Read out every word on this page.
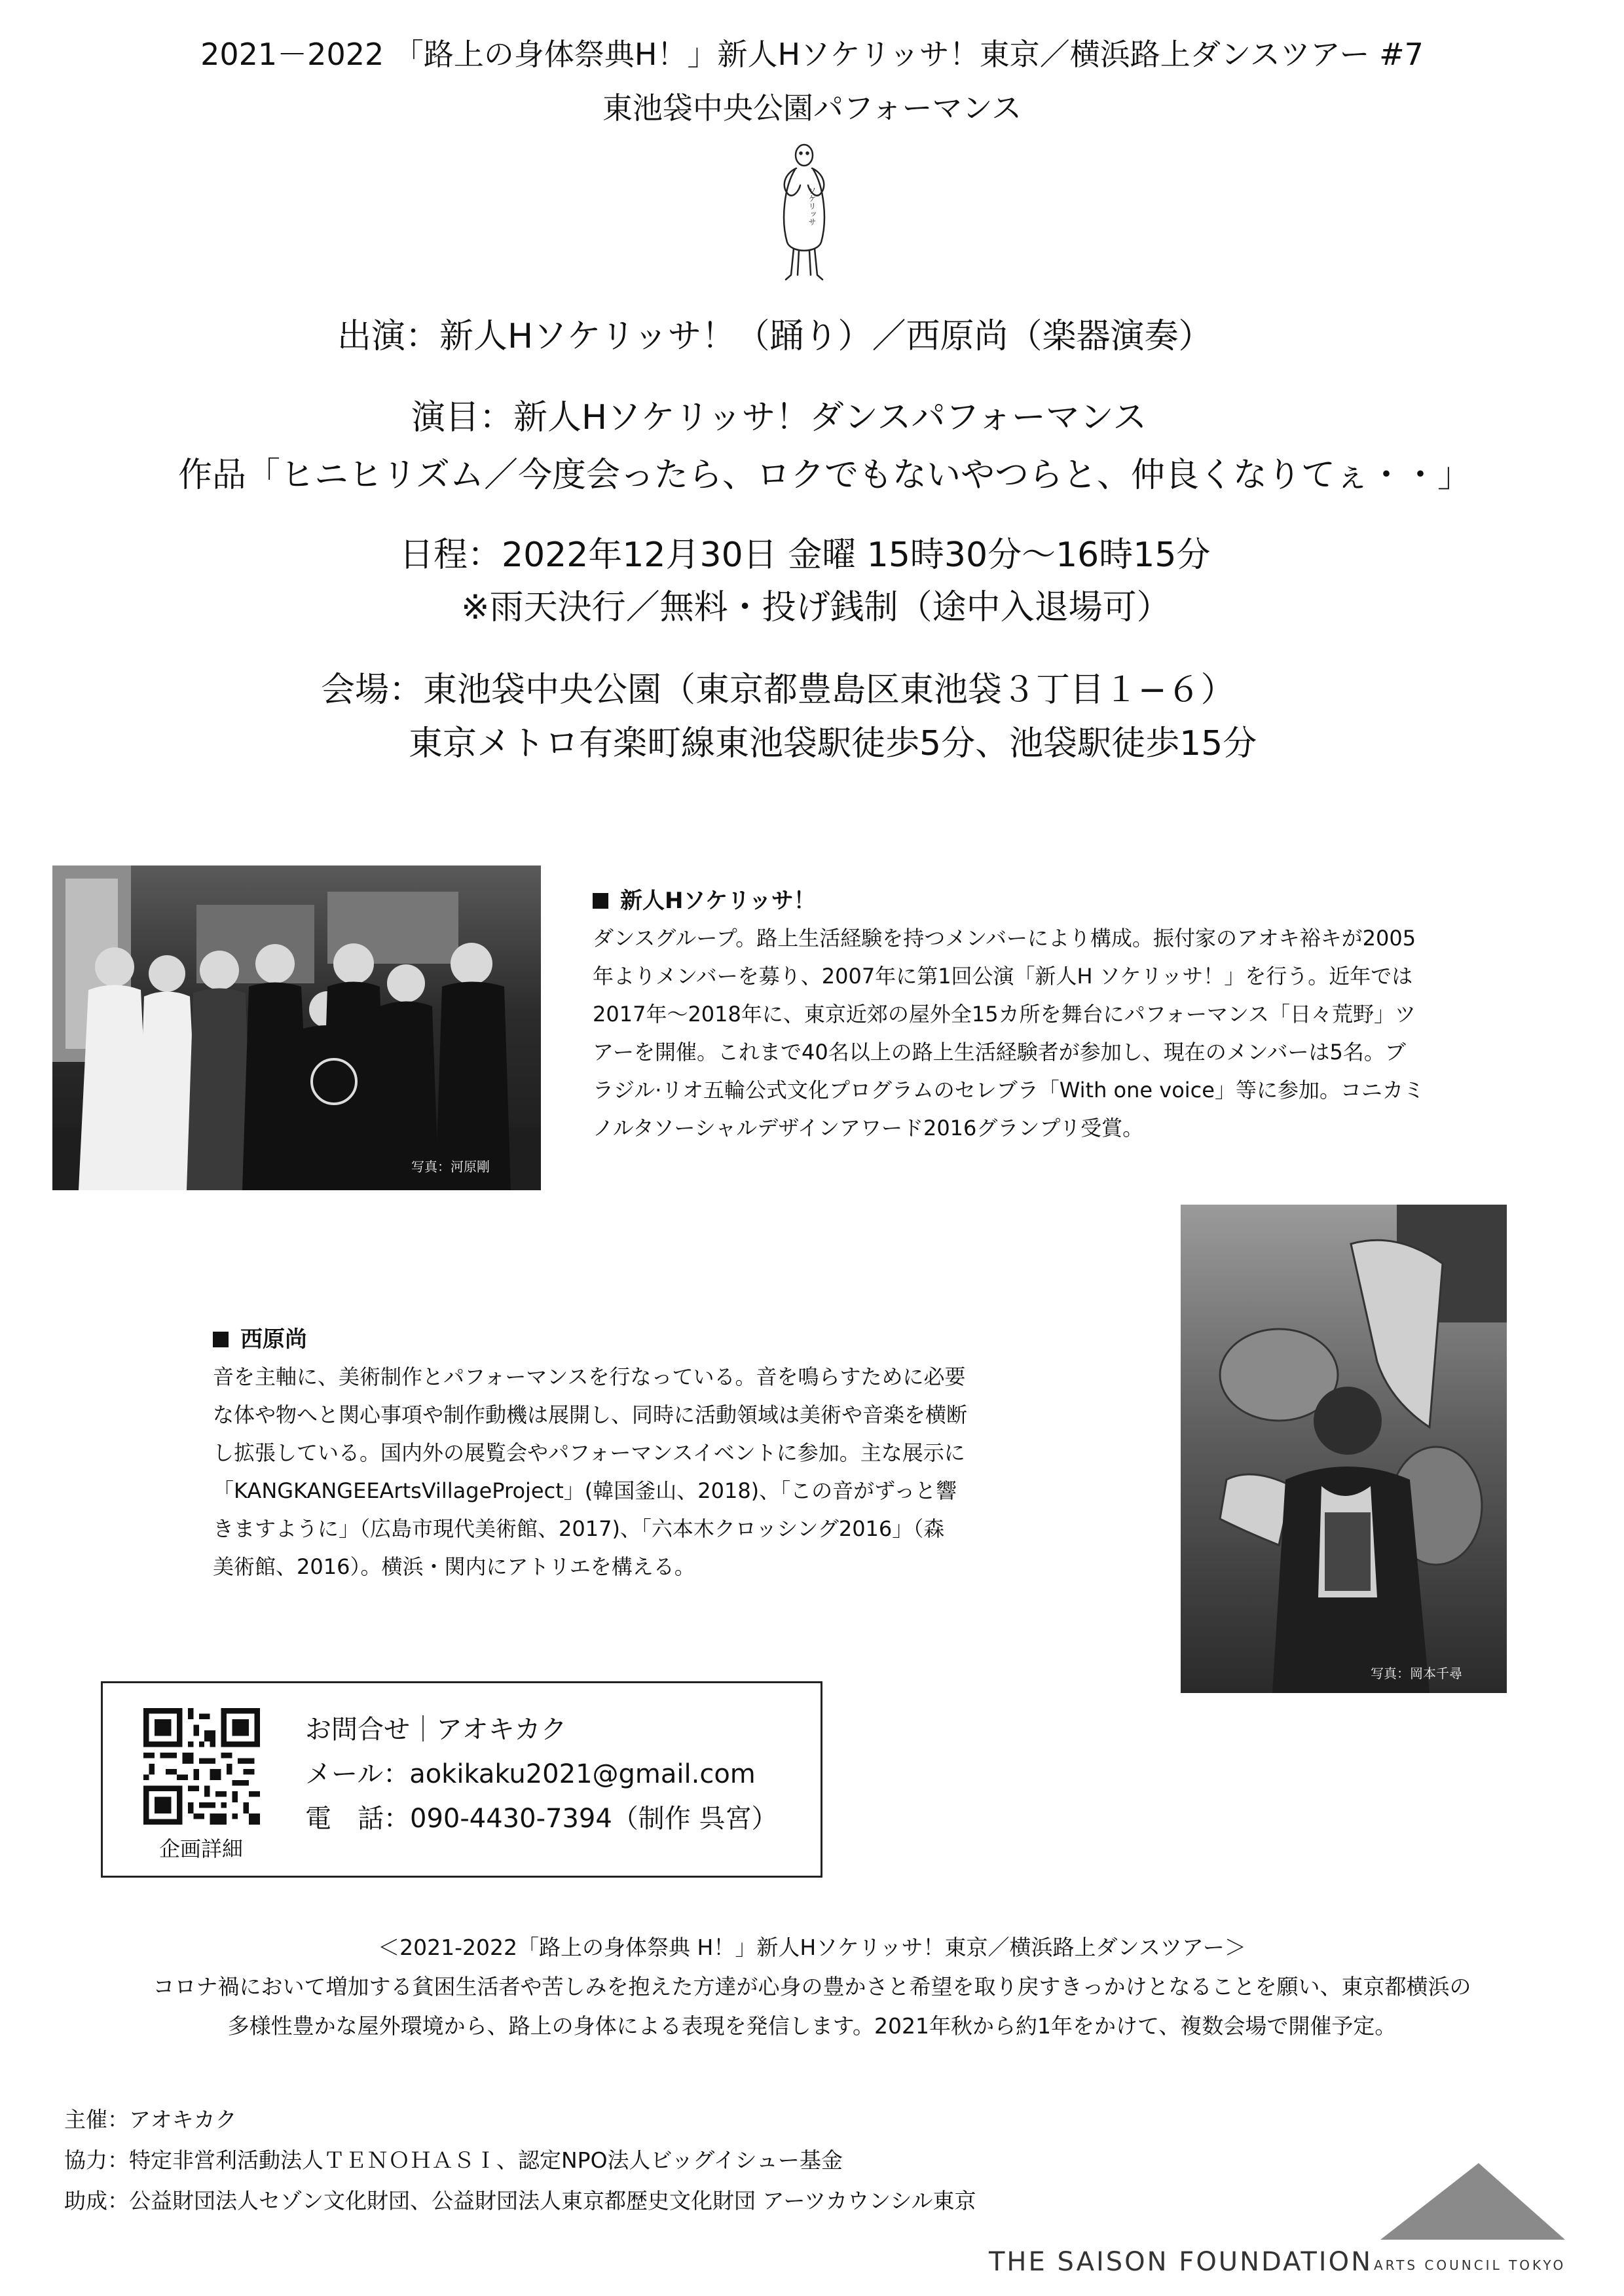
2021－2022 「路上の身体祭典H！」新人Hソケリッサ！東京／横浜路上ダンスツアー #7
東池袋中央公園パフォーマンス
ソケリッサ
出演：新人Hソケリッサ！（踊り）／西原尚（楽器演奏）
演目：新人Hソケリッサ！ダンスパフォーマンス
作品「ヒニヒリズム／今度会ったら、ロクでもないやつらと、仲良くなりてぇ・・」
日程：2022年12月30日 金曜 15時30分〜16時15分
※雨天決行／無料・投げ銭制（途中入退場可）
会場：東池袋中央公園（東京都豊島区東池袋３丁目１−６）
東京メトロ有楽町線東池袋駅徒歩5分、池袋駅徒歩15分
写真：河原剛
新人Hソケリッサ！

ダンスグループ。路上生活経験を持つメンバーにより構成。振付家のアオキ裕キが2005

年よりメンバーを募り、2007年に第1回公演「新人H ソケリッサ！」を行う。近年では

2017年〜2018年に、東京近郊の屋外全15カ所を舞台にパフォーマンス「日々荒野」ツ

アーを開催。これまで40名以上の路上生活経験者が参加し、現在のメンバーは5名。ブ

ラジル·リオ五輪公式文化プログラムのセレブラ「With one voice」等に参加。コニカミ

ノルタソーシャルデザインアワード2016グランプリ受賞。

西原尚

音を主軸に、美術制作とパフォーマンスを行なっている。音を鳴らすために必要

な体や物へと関心事項や制作動機は展開し、同時に活動領域は美術や音楽を横断

し拡張している。国内外の展覧会やパフォーマンスイベントに参加。主な展示に

「KANGKANGEEArtsVillageProject」(韓国釜山、2018)、「この音がずっと響

きますように」（広島市現代美術館、2017)、「六本木クロッシング2016」（森

美術館、2016）。横浜・関内にアトリエを構える。

写真：岡本千尋
企画詳細
お問合せ｜アオキカク
メール：aokikaku2021@gmail.com
電　話：090-4430-7394（制作 呉宮）
＜2021-2022「路上の身体祭典 H！」新人Hソケリッサ！東京／横浜路上ダンスツアー＞
コロナ禍において増加する貧困生活者や苦しみを抱えた方達が心身の豊かさと希望を取り戻すきっかけとなることを願い、東京都横浜の
多様性豊かな屋外環境から、路上の身体による表現を発信します。2021年秋から約1年をかけて、複数会場で開催予定。
主催：アオキカク
協力：特定非営利活動法人ＴＥＮＯＨＡＳＩ、認定NPO法人ビッグイシュー基金
助成：公益財団法人セゾン文化財団、公益財団法人東京都歴史文化財団 アーツカウンシル東京
THE SAISON FOUNDATION ARTS COUNCIL TOKYO
